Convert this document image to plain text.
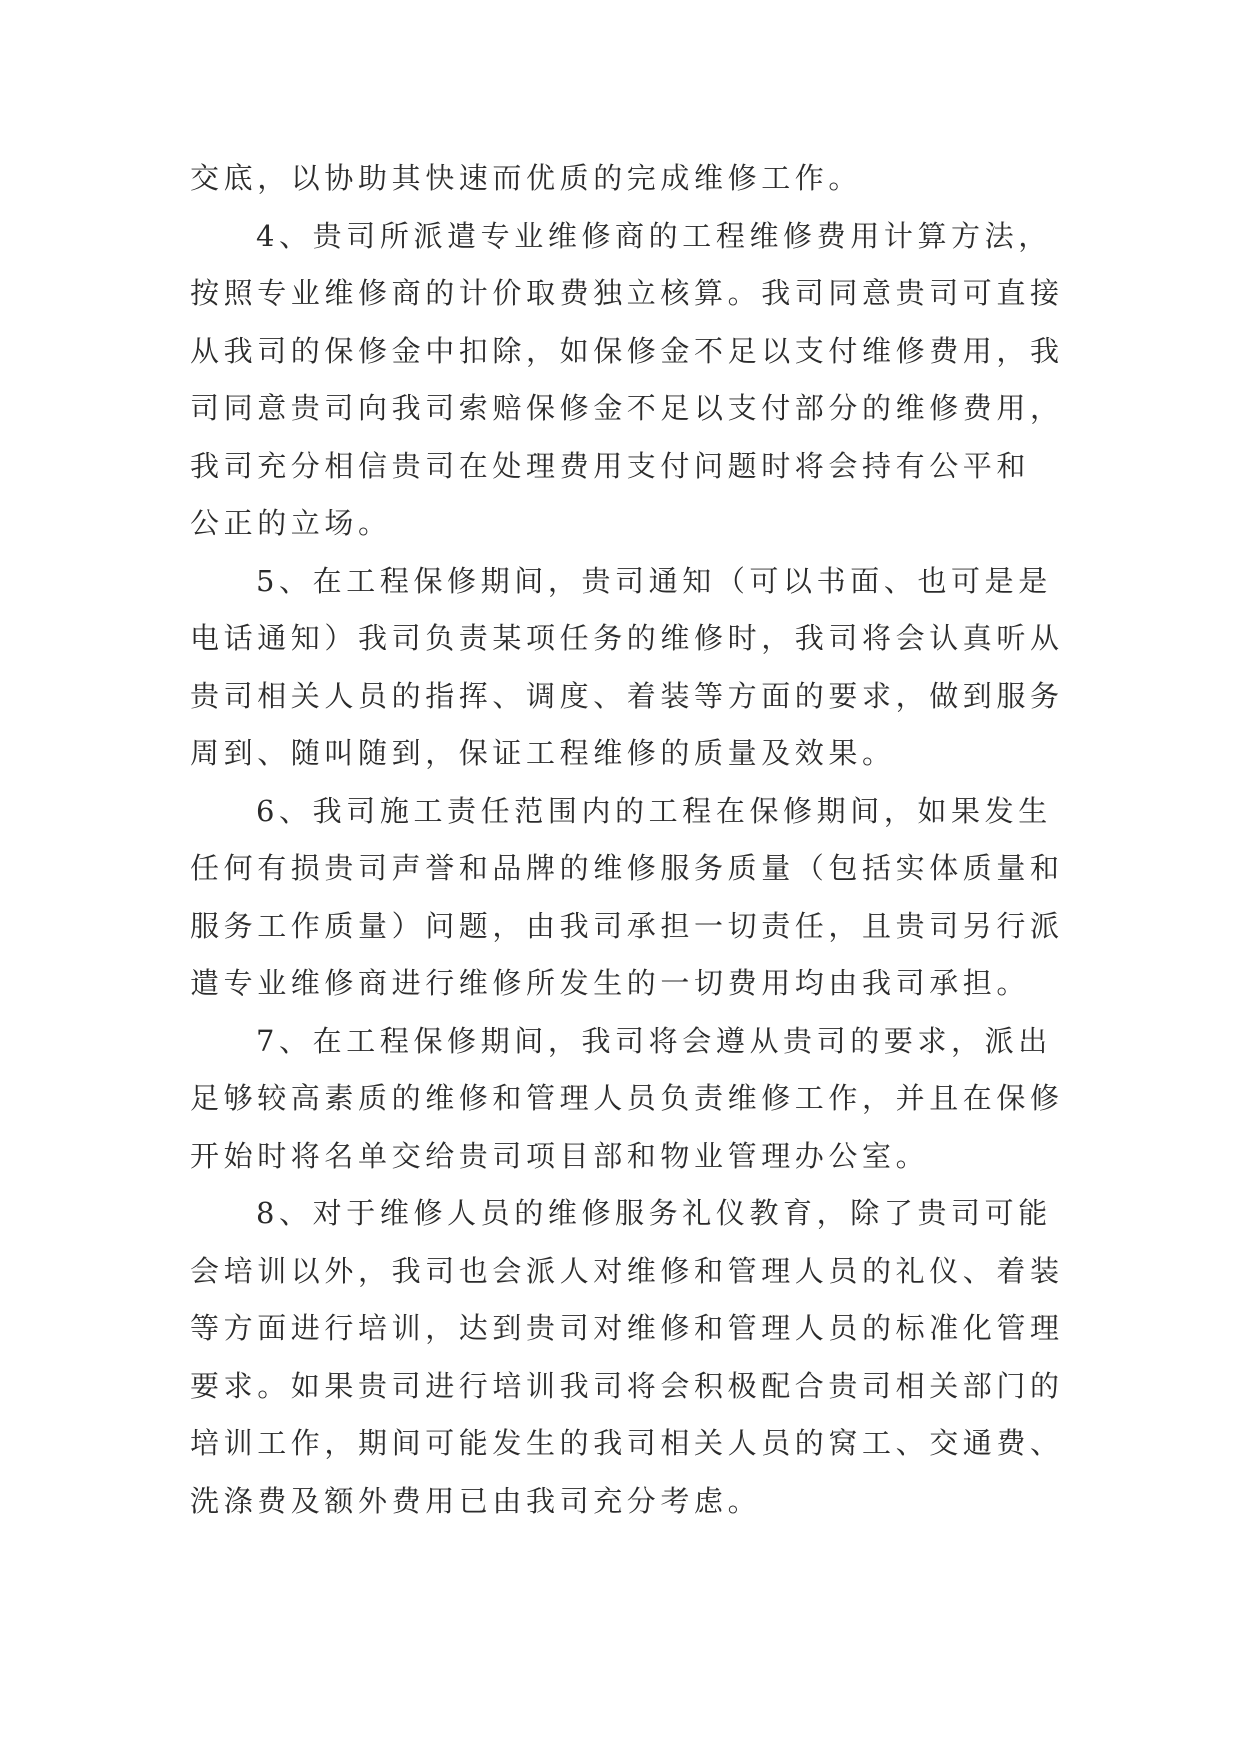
交底，以协助其快速而优质的完成维修工作。
4、贵司所派遣专业维修商的工程维修费用计算方法，
按照专业维修商的计价取费独立核算。我司同意贵司可直接
从我司的保修金中扣除，如保修金不足以支付维修费用，我
司同意贵司向我司索赔保修金不足以支付部分的维修费用，
我司充分相信贵司在处理费用支付问题时将会持有公平和
公正的立场。
5、在工程保修期间，贵司通知（可以书面、也可是是
电话通知）我司负责某项任务的维修时，我司将会认真听从
贵司相关人员的指挥、调度、着装等方面的要求，做到服务
周到、随叫随到，保证工程维修的质量及效果。
6、我司施工责任范围内的工程在保修期间，如果发生
任何有损贵司声誉和品牌的维修服务质量（包括实体质量和
服务工作质量）问题，由我司承担一切责任，且贵司另行派
遣专业维修商进行维修所发生的一切费用均由我司承担。
7、在工程保修期间，我司将会遵从贵司的要求，派出
足够较高素质的维修和管理人员负责维修工作，并且在保修
开始时将名单交给贵司项目部和物业管理办公室。
8、对于维修人员的维修服务礼仪教育，除了贵司可能
会培训以外，我司也会派人对维修和管理人员的礼仪、着装
等方面进行培训，达到贵司对维修和管理人员的标准化管理
要求。如果贵司进行培训我司将会积极配合贵司相关部门的
培训工作，期间可能发生的我司相关人员的窝工、交通费、
洗涤费及额外费用已由我司充分考虑。
